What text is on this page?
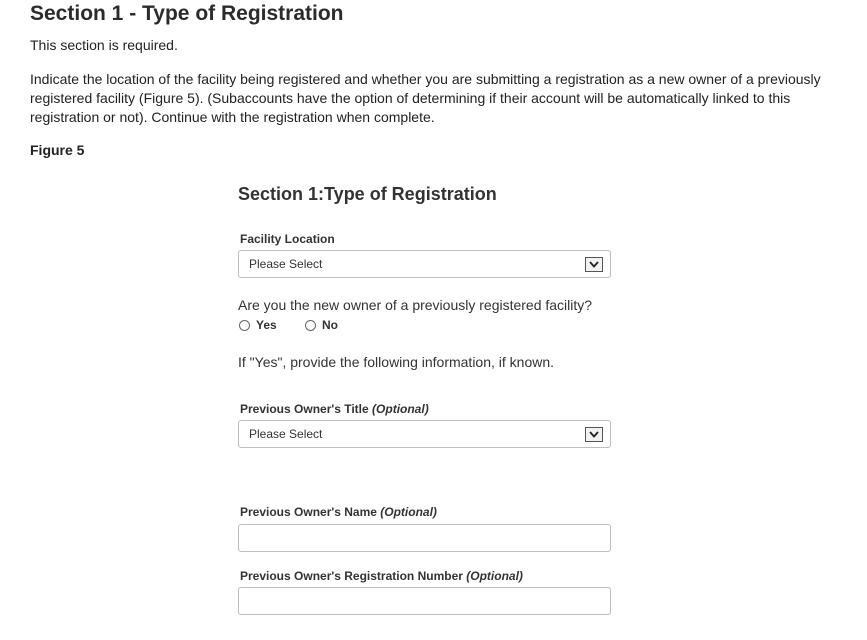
Section 1 - Type of Registration

This section is required.

Indicate the location of the facility being registered and whether you are submitting a registration as a new owner of a previously registered facility (Figure 5). (Subaccounts have the option of determining if their account will be automatically linked to this registration or not). Continue with the registration when complete.

Figure 5

Section 1:Type of Registration
Facility Location
Please Select
Are you the new owner of a previously registered facility?
Yes	No
If "Yes", provide the following information, if known.
Previous Owner's Title (Optional)
Please Select
Previous Owner's Name (Optional)
Previous Owner's Registration Number (Optional)
